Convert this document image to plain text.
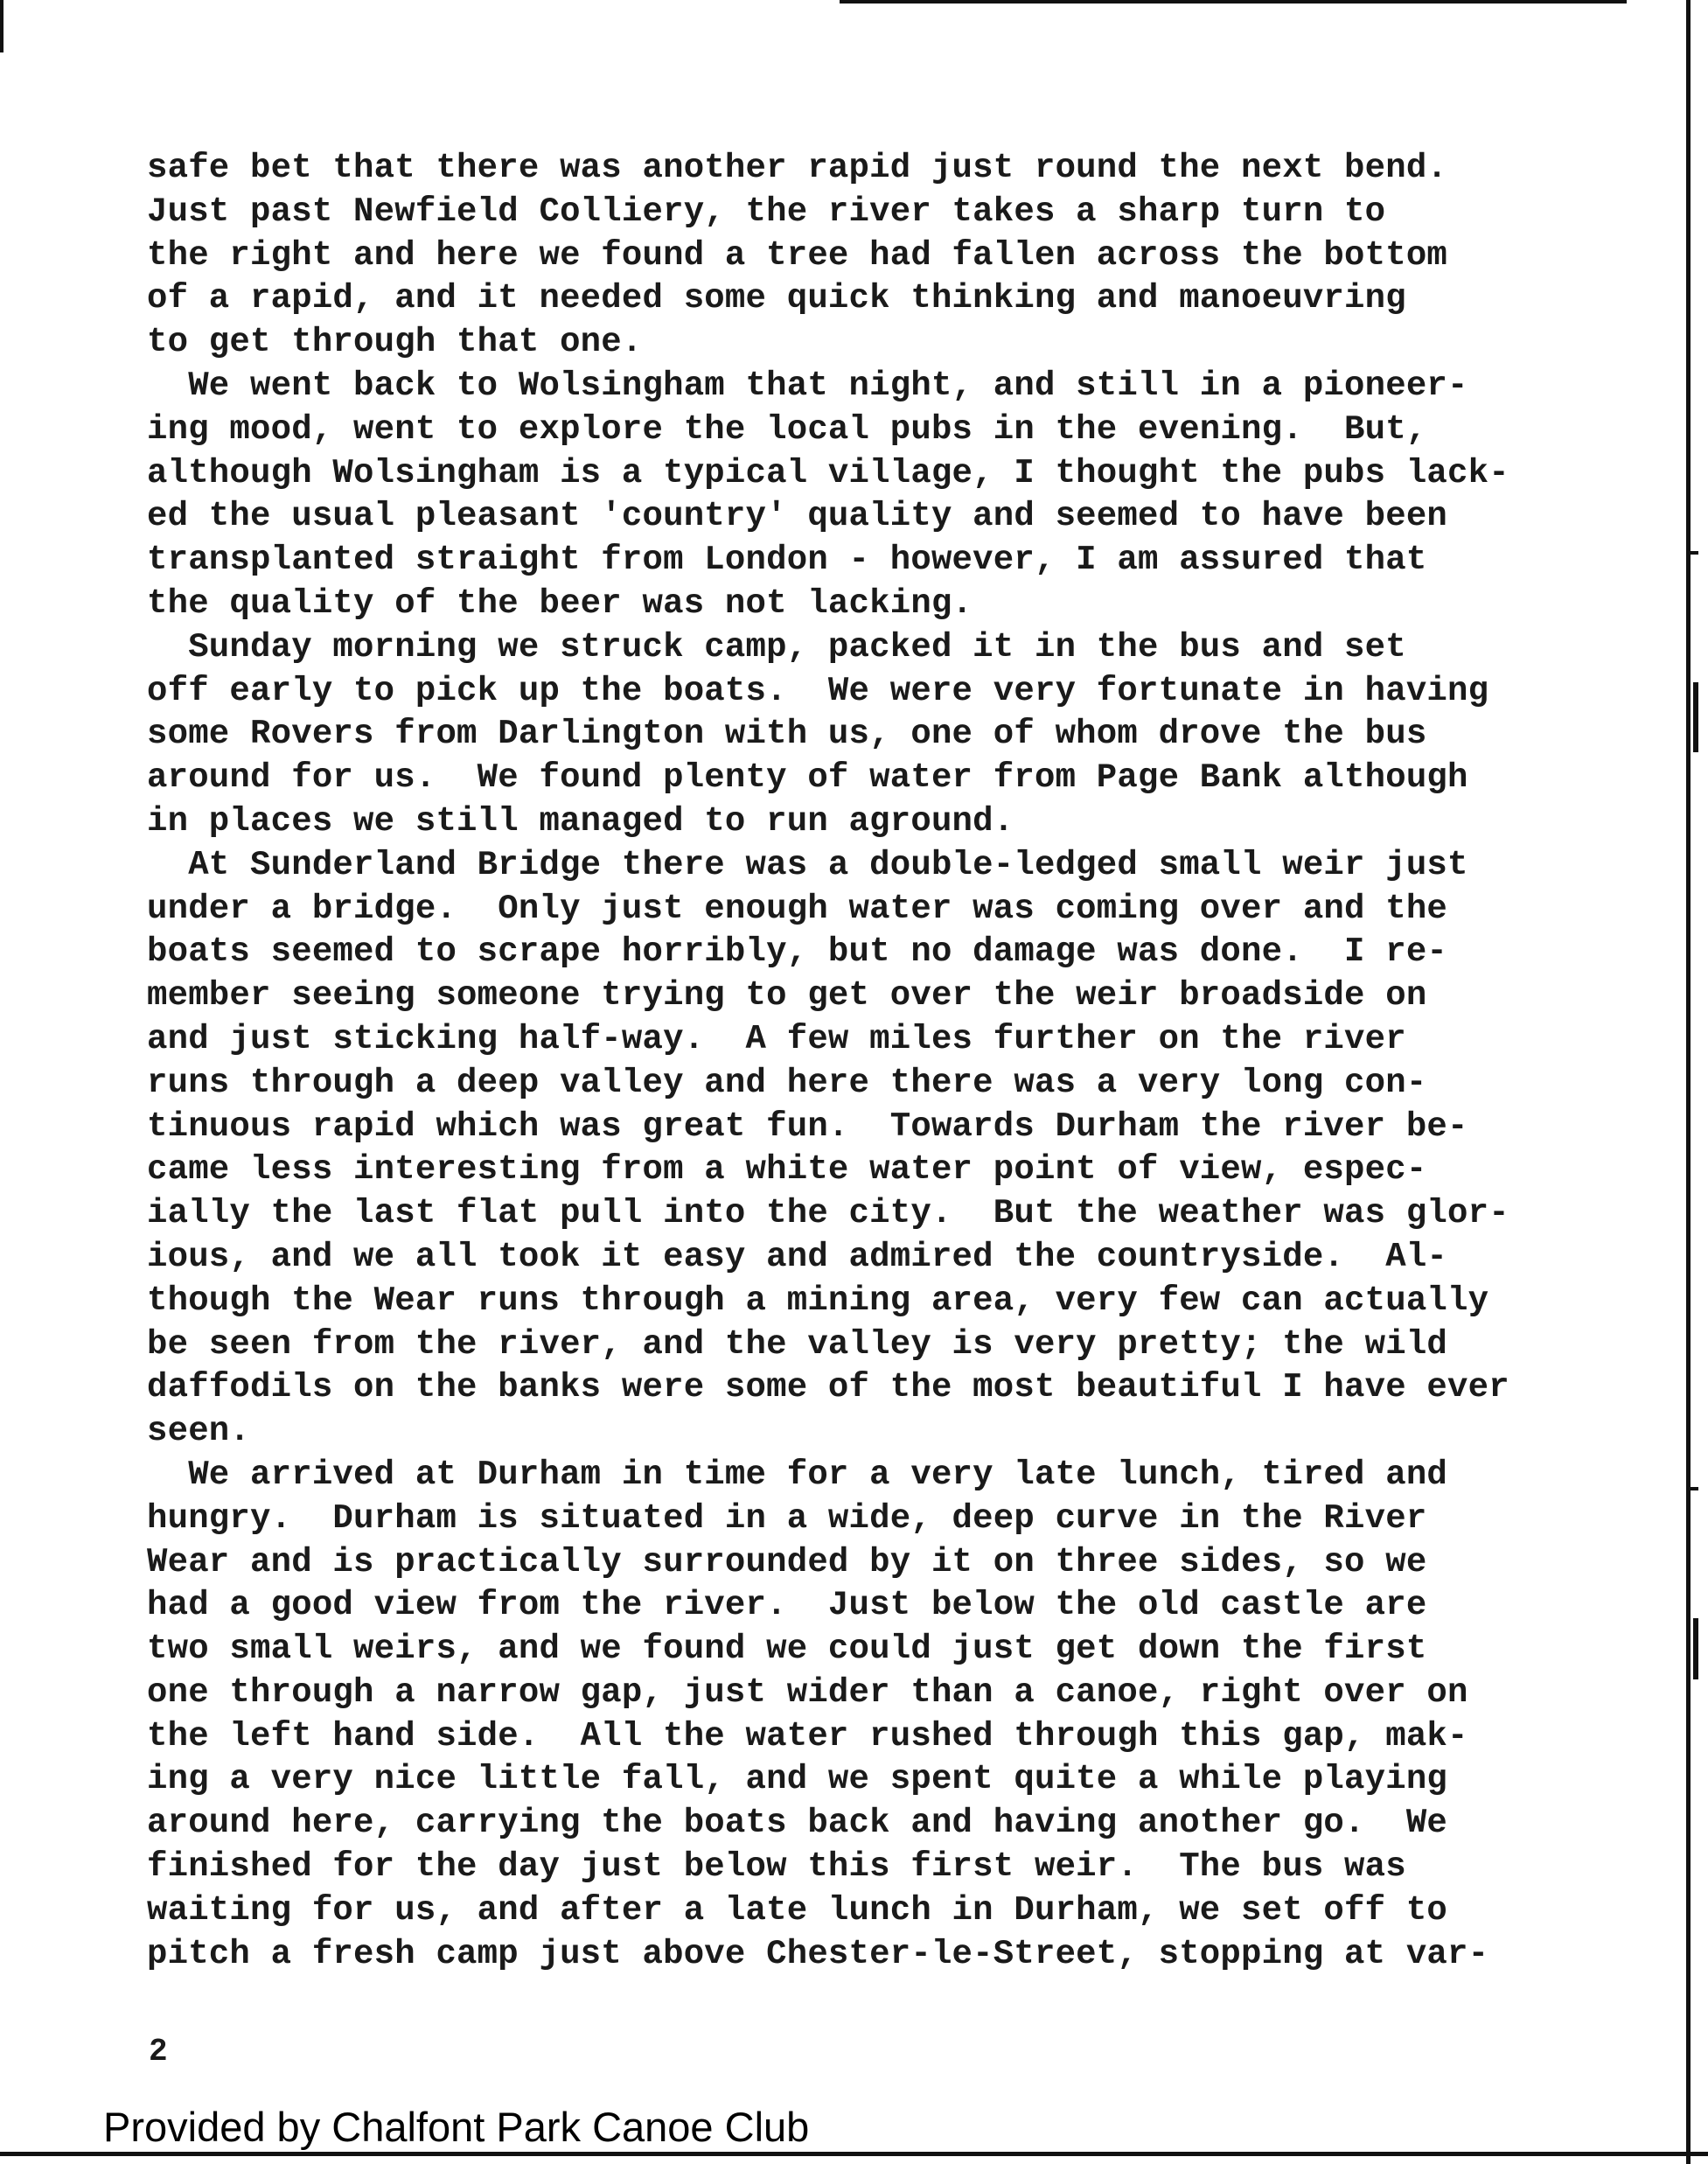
safe bet that there was another rapid just round the next bend.
Just past Newfield Colliery, the river takes a sharp turn to
the right and here we found a tree had fallen across the bottom
of a rapid, and it needed some quick thinking and manoeuvring
to get through that one.
We went back to Wolsingham that night, and still in a pioneer-
ing mood, went to explore the local pubs in the evening.  But,
although Wolsingham is a typical village, I thought the pubs lack-
ed the usual pleasant 'country' quality and seemed to have been
transplanted straight from London - however, I am assured that
the quality of the beer was not lacking.
Sunday morning we struck camp, packed it in the bus and set
off early to pick up the boats.  We were very fortunate in having
some Rovers from Darlington with us, one of whom drove the bus
around for us.  We found plenty of water from Page Bank although
in places we still managed to run aground.
At Sunderland Bridge there was a double-ledged small weir just
under a bridge.  Only just enough water was coming over and the
boats seemed to scrape horribly, but no damage was done.  I re-
member seeing someone trying to get over the weir broadside on
and just sticking half-way.  A few miles further on the river
runs through a deep valley and here there was a very long con-
tinuous rapid which was great fun.  Towards Durham the river be-
came less interesting from a white water point of view, espec-
ially the last flat pull into the city.  But the weather was glor-
ious, and we all took it easy and admired the countryside.  Al-
though the Wear runs through a mining area, very few can actually
be seen from the river, and the valley is very pretty; the wild
daffodils on the banks were some of the most beautiful I have ever
seen.
We arrived at Durham in time for a very late lunch, tired and
hungry.  Durham is situated in a wide, deep curve in the River
Wear and is practically surrounded by it on three sides, so we
had a good view from the river.  Just below the old castle are
two small weirs, and we found we could just get down the first
one through a narrow gap, just wider than a canoe, right over on
the left hand side.  All the water rushed through this gap, mak-
ing a very nice little fall, and we spent quite a while playing
around here, carrying the boats back and having another go.  We
finished for the day just below this first weir.  The bus was
waiting for us, and after a late lunch in Durham, we set off to
pitch a fresh camp just above Chester-le-Street, stopping at var-
2
Provided by Chalfont Park Canoe Club
